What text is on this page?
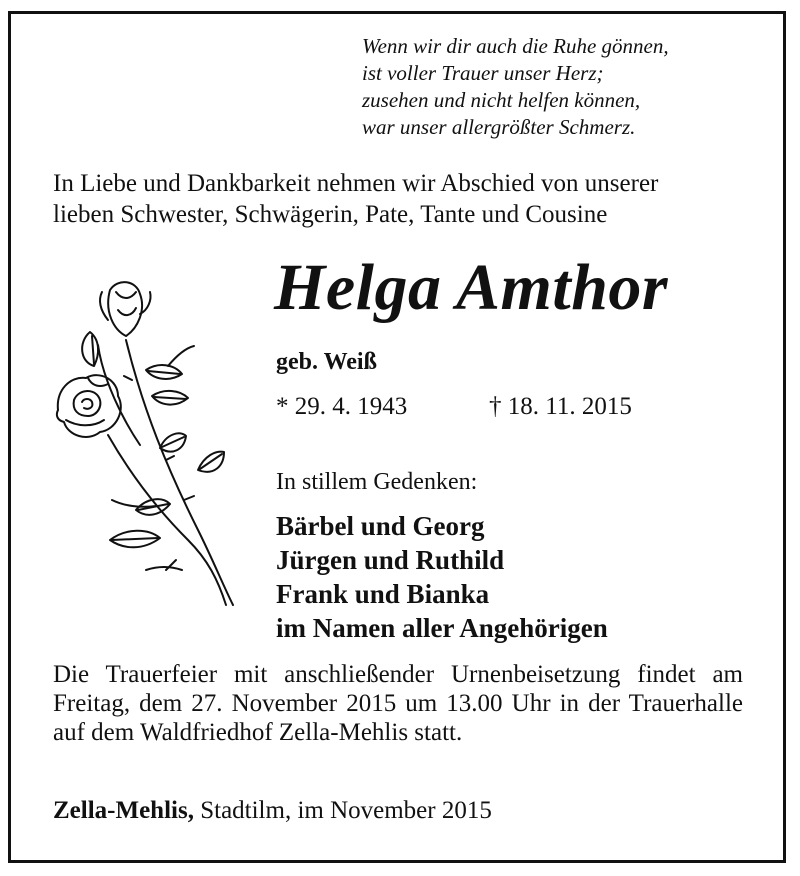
Wenn wir dir auch die Ruhe gönnen,
ist voller Trauer unser Herz;
zusehen und nicht helfen können,
war unser allergrößter Schmerz.
In Liebe und Dankbarkeit nehmen wir Abschied von unserer
lieben Schwester, Schwägerin, Pate, Tante und Cousine
Helga Amthor
geb. Weiß
* 29. 4. 1943	† 18. 11. 2015
In stillem Gedenken:
Bärbel und Georg
Jürgen und Ruthild
Frank und Bianka
im Namen aller Angehörigen
Die Trauerfeier mit anschließender Urnenbeisetzung findet am Freitag, dem 27. November 2015 um 13.00 Uhr in der Trauerhalle auf dem Waldfriedhof Zella-Mehlis statt.
Zella-Mehlis, Stadtilm, im November 2015
